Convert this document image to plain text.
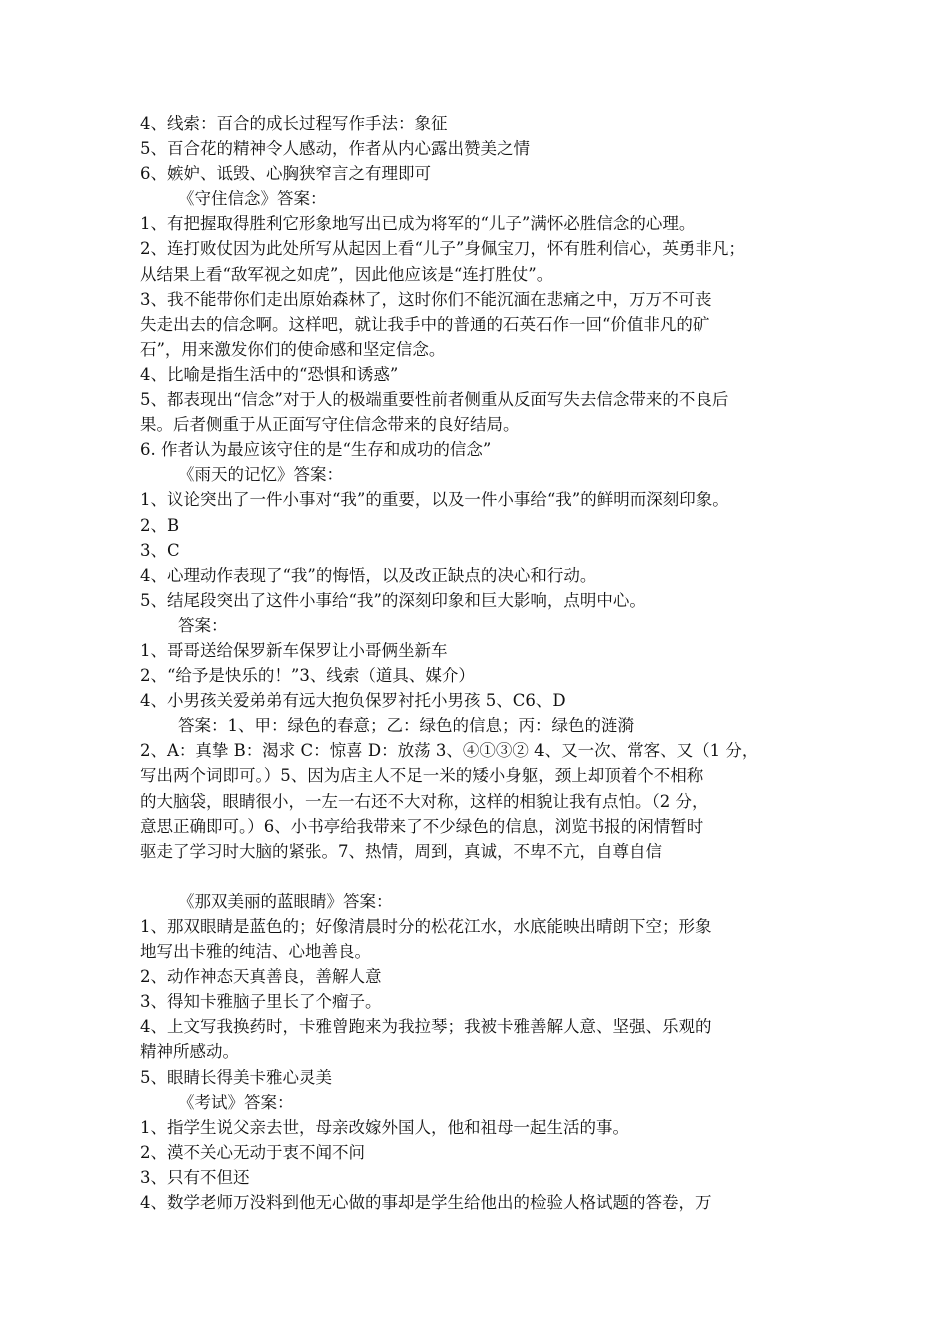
4、线索：百合的成长过程写作手法：象征
5、百合花的精神令人感动，作者从内心露出赞美之情
6、嫉妒、诋毁、心胸狭窄言之有理即可
《守住信念》答案：
1、有把握取得胜利它形象地写出已成为将军的“儿子”满怀必胜信念的心理。
2、连打败仗因为此处所写从起因上看“儿子”身佩宝刀，怀有胜利信心，英勇非凡；
从结果上看“敌军视之如虎”，因此他应该是“连打胜仗”。
3、我不能带你们走出原始森林了，这时你们不能沉湎在悲痛之中，万万不可丧
失走出去的信念啊。这样吧，就让我手中的普通的石英石作一回“价值非凡的矿
石”，用来激发你们的使命感和坚定信念。
4、比喻是指生活中的“恐惧和诱惑”
5、都表现出“信念”对于人的极端重要性前者侧重从反面写失去信念带来的不良后
果。后者侧重于从正面写守住信念带来的良好结局。
6. 作者认为最应该守住的是“生存和成功的信念”
《雨天的记忆》答案：
1、议论突出了一件小事对“我”的重要，以及一件小事给“我”的鲜明而深刻印象。
2、B
3、C
4、心理动作表现了“我”的悔悟，以及改正缺点的决心和行动。
5、结尾段突出了这件小事给“我”的深刻印象和巨大影响，点明中心。
答案：
1、哥哥送给保罗新车保罗让小哥俩坐新车
2、“给予是快乐的！”3、线索（道具、媒介）
4、小男孩关爱弟弟有远大抱负保罗衬托小男孩 5、C6、D
答案：1、甲：绿色的春意；乙：绿色的信息；丙：绿色的涟漪
2、A：真挚 B：渴求 C：惊喜 D：放荡 3、④①③② 4、又一次、常客、又（1 分，
写出两个词即可。）5、因为店主人不足一米的矮小身躯，颈上却顶着个不相称
的大脑袋，眼睛很小，一左一右还不大对称，这样的相貌让我有点怕。（2 分，
意思正确即可。）6、小书亭给我带来了不少绿色的信息，浏览书报的闲情暂时
驱走了学习时大脑的紧张。7、热情，周到，真诚，不卑不亢，自尊自信
《那双美丽的蓝眼睛》答案：
1、那双眼睛是蓝色的；好像清晨时分的松花江水，水底能映出晴朗下空；形象
地写出卡雅的纯洁、心地善良。
2、动作神态天真善良，善解人意
3、得知卡雅脑子里长了个瘤子。
4、上文写我换药时，卡雅曾跑来为我拉琴；我被卡雅善解人意、坚强、乐观的
精神所感动。
5、眼睛长得美卡雅心灵美
《考试》答案：
1、指学生说父亲去世，母亲改嫁外国人，他和祖母一起生活的事。
2、漠不关心无动于衷不闻不问
3、只有不但还
4、数学老师万没料到他无心做的事却是学生给他出的检验人格试题的答卷，万
